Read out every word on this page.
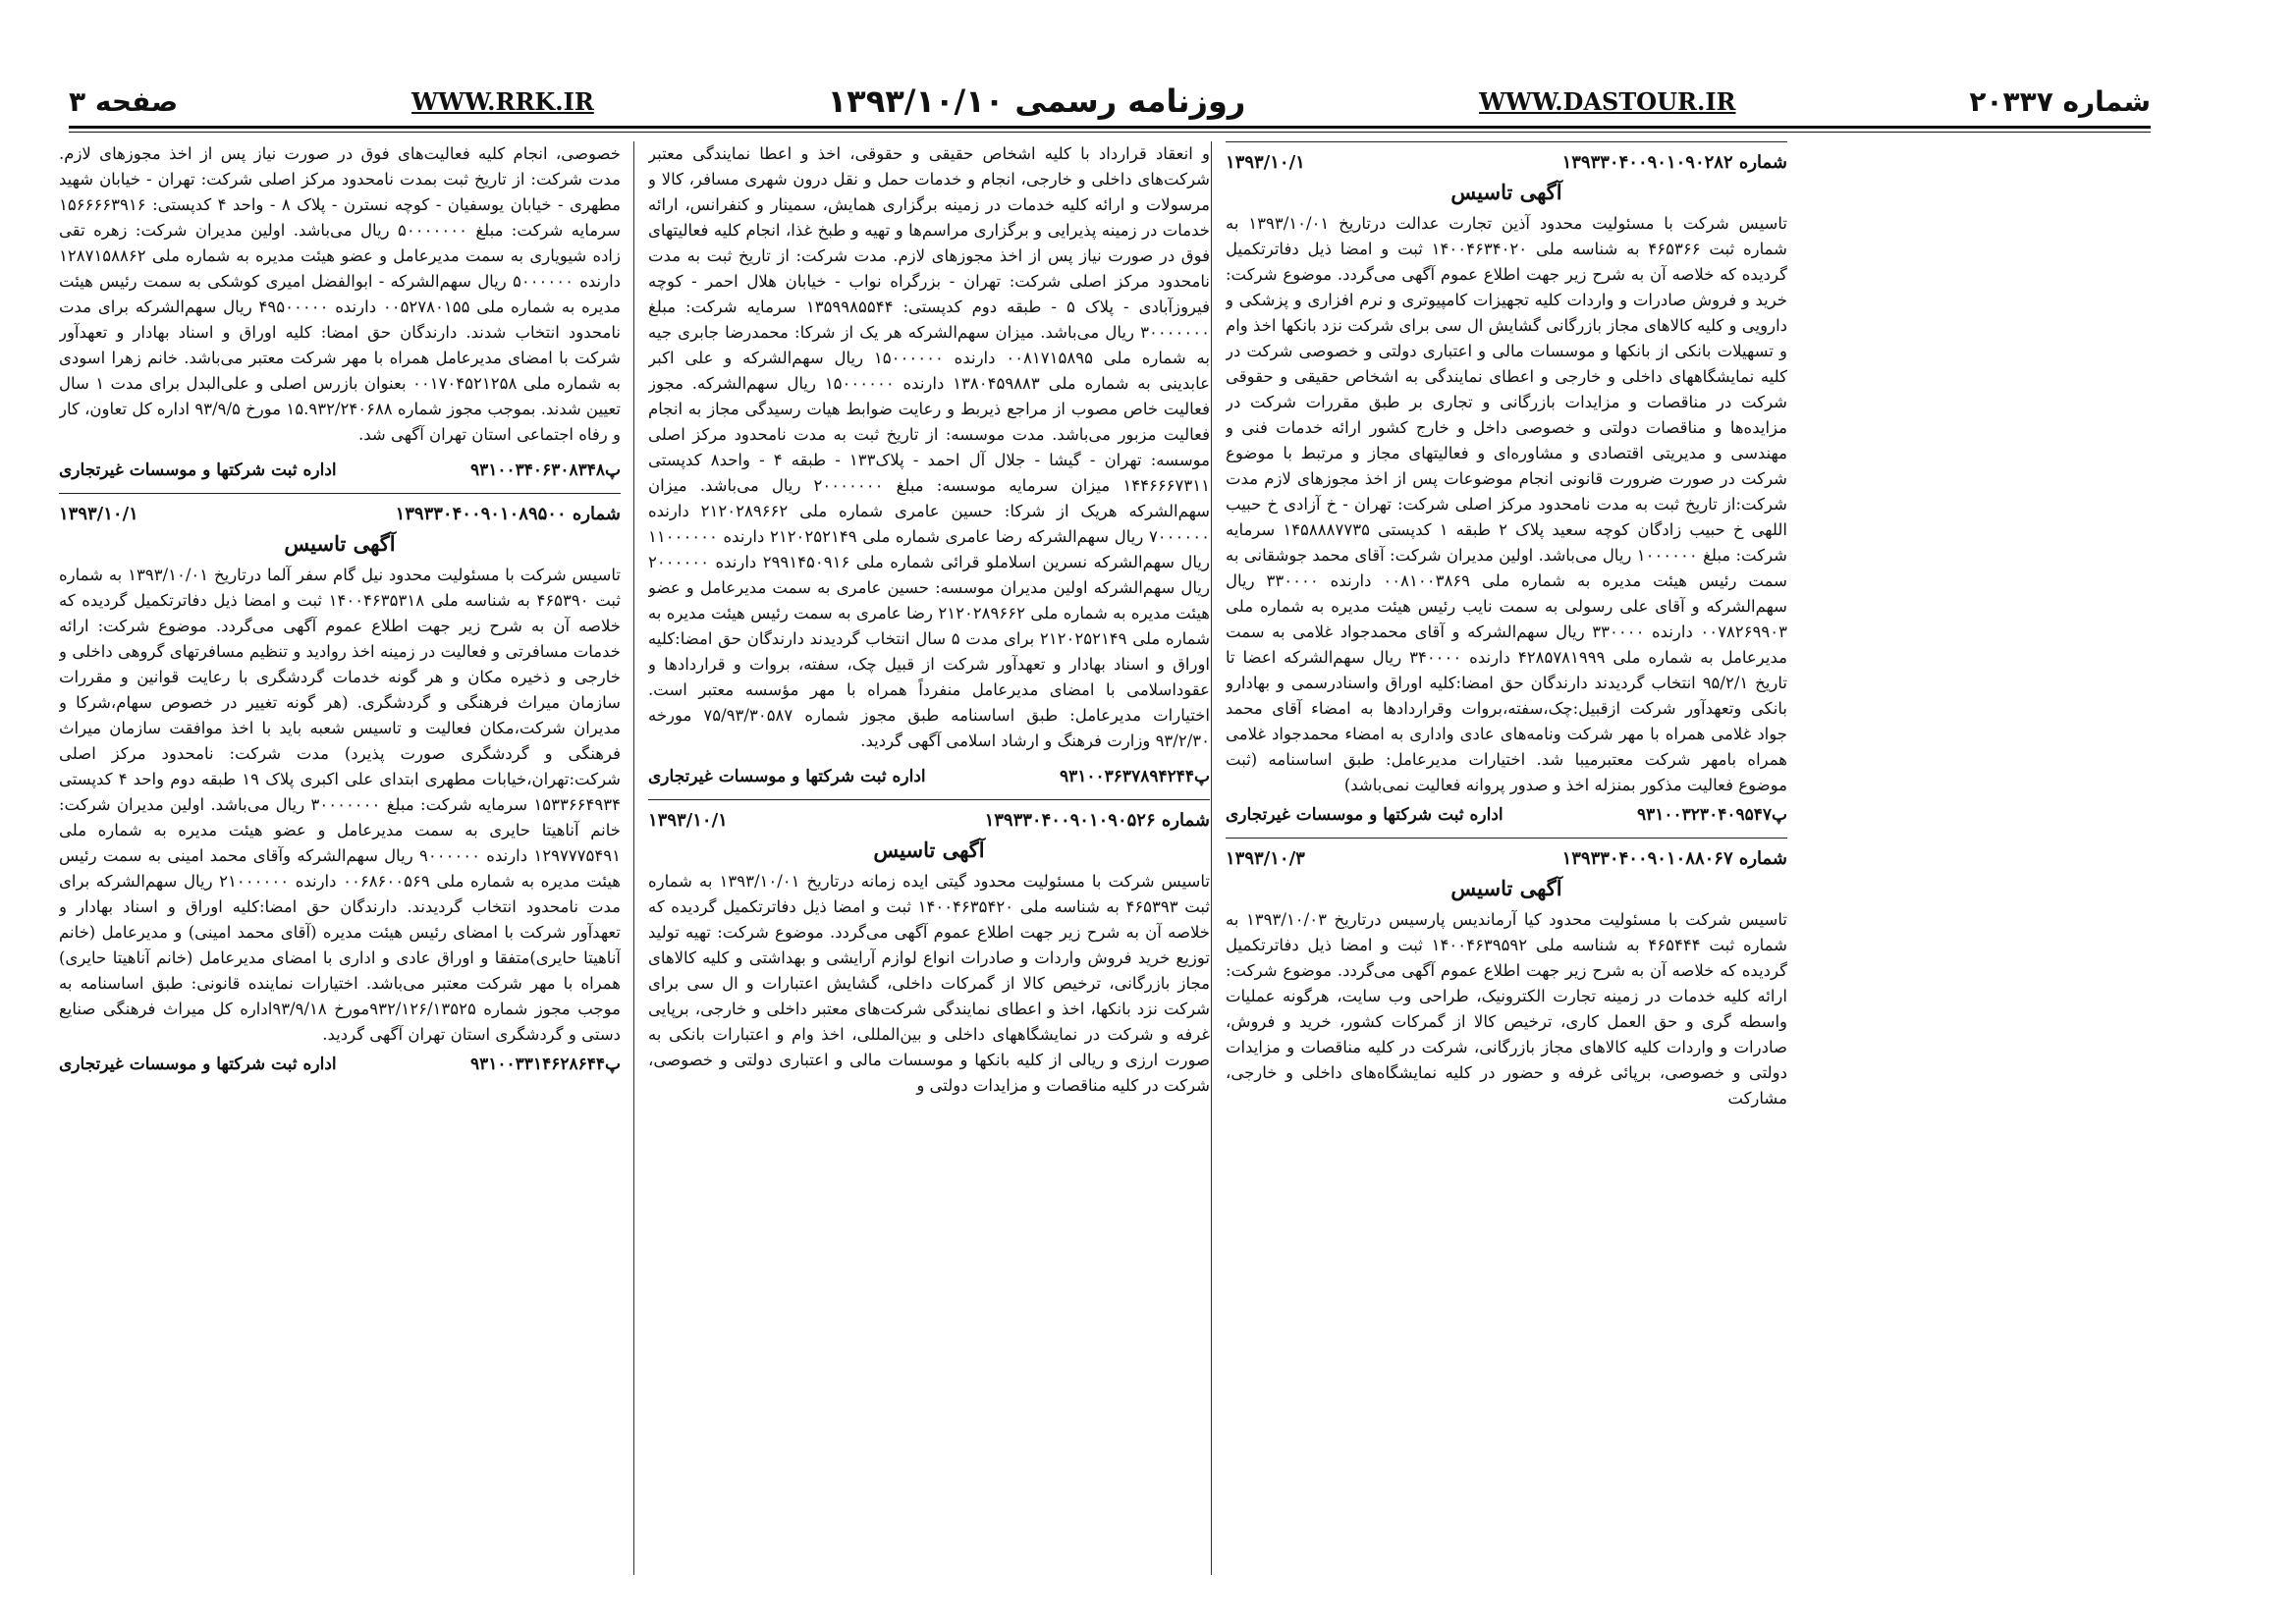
صفحه ۳	WWW.RRK.IR	روزنامه رسمی ۱۳۹۳/۱۰/۱۰	WWW.DASTOUR.IR	شماره ۲۰۳۳۷
شماره ۱۳۹۳۳۰۴۰۰۹۰۱۰۹۰۲۸۲
۱۳۹۳/۱۰/۱
آگهی تاسیس

تاسیس شرکت با مسئولیت محدود آذین تجارت عدالت درتاریخ ۱۳۹۳/۱۰/۰۱ به شماره ثبت ۴۶۵۳۶۶ به شناسه ملی ۱۴۰۰۴۶۳۴۰۲۰ ثبت و امضا ذیل دفاترتکمیل گردیده که خلاصه آن به شرح زیر جهت اطلاع عموم آگهی می‌گردد. موضوع شرکت: خرید و فروش صادرات و واردات کلیه تجهیزات کامپیوتری و نرم افزاری و پزشکی و دارویی و کلیه کالاهای مجاز بازرگانی گشایش ال سی برای شرکت نزد بانکها اخذ وام و تسهیلات بانکی از بانکها و موسسات مالی و اعتباری دولتی و خصوصی شرکت در کلیه نمایشگاههای داخلی و خارجی و اعطای نمایندگی به اشخاص حقیقی و حقوقی شرکت در مناقصات و مزایدات بازرگانی و تجاری بر طبق مقررات شرکت در مزایده‌ها و مناقصات دولتی و خصوصی داخل و خارج کشور ارائه خدمات فنی و مهندسی و مدیریتی اقتصادی و مشاوره‌ای و فعالیتهای مجاز و مرتبط با موضوع شرکت در صورت ضرورت قانونی انجام موضوعات پس از اخذ مجوزهای لازم مدت شرکت:از تاریخ ثبت به مدت نامحدود مرکز اصلی شرکت: تهران - خ آزادی خ حبیب اللهی خ حبیب زادگان کوچه سعید پلاک ۲ طبقه ۱ کدپستی ۱۴۵۸۸۸۷۷۳۵ سرمایه شرکت: مبلغ ۱۰۰۰۰۰۰ ریال می‌باشد. اولین مدیران شرکت: آقای محمد جوشقانی به سمت رئیس هیئت مدیره به شماره ملی ۰۰۸۱۰۰۳۸۶۹ دارنده ۳۳۰۰۰۰ ریال سهم‌الشرکه و آقای علی رسولی به سمت نایب رئیس هیئت مدیره به شماره ملی ۰۰۷۸۲۶۹۹۰۳ دارنده ۳۳۰۰۰۰ ریال سهم‌الشرکه و آقای محمدجواد غلامی به سمت مدیرعامل به شماره ملی ۴۲۸۵۷۸۱۹۹۹ دارنده ۳۴۰۰۰۰ ریال سهم‌الشرکه اعضا تا تاریخ ۹۵/۲/۱ انتخاب گردیدند دارندگان حق امضا:کلیه اوراق واسنادرسمی و بهادارو بانکی وتعهدآور شرکت ازقبیل:چک،سفته،بروات وقراردادها به امضاء آقای محمد جواد غلامی همراه با مهر شرکت ونامه‌های عادی واداری به امضاء محمدجواد غلامی همراه بامهر شرکت معتبرمیبا شد. اختیارات مدیرعامل: طبق اساسنامه (ثبت موضوع فعالیت مذکور بمنزله اخذ و صدور پروانه فعالیت نمی‌باشد)

پ۹۳۱۰۰۳۲۳۰۴۰۹۵۴۷
اداره ثبت شرکتها و موسسات غیرتجاری
شماره ۱۳۹۳۳۰۴۰۰۹۰۱۰۸۸۰۶۷
۱۳۹۳/۱۰/۳
آگهی تاسیس

تاسیس شرکت با مسئولیت محدود کیا آرماندیس پارسیس درتاریخ ۱۳۹۳/۱۰/۰۳ به شماره ثبت ۴۶۵۴۴۴ به شناسه ملی ۱۴۰۰۴۶۳۹۵۹۲ ثبت و امضا ذیل دفاترتکمیل گردیده که خلاصه آن به شرح زیر جهت اطلاع عموم آگهی می‌گردد. موضوع شرکت: ارائه کلیه خدمات در زمینه تجارت الکترونیک، طراحی وب سایت، هرگونه عملیات واسطه گری و حق العمل کاری، ترخیص کالا از گمرکات کشور، خرید و فروش، صادرات و واردات کلیه کالاهای مجاز بازرگانی، شرکت در کلیه مناقصات و مزایدات دولتی و خصوصی، برپائی غرفه و حضور در کلیه نمایشگاه‌های داخلی و خارجی، مشارکت

و انعقاد قرارداد با کلیه اشخاص حقیقی و حقوقی، اخذ و اعطا نمایندگی معتبر شرکت‌های داخلی و خارجی، انجام و خدمات حمل و نقل درون شهری مسافر، کالا و مرسولات و ارائه کلیه خدمات در زمینه برگزاری همایش، سمینار و کنفرانس، ارائه خدمات در زمینه پذیرایی و برگزاری مراسم‌ها و تهیه و طبخ غذا، انجام کلیه فعالیتهای فوق در صورت نیاز پس از اخذ مجوزهای لازم. مدت شرکت: از تاریخ ثبت به مدت نامحدود مرکز اصلی شرکت: تهران - بزرگراه نواب - خیابان هلال احمر - کوچه فیروزآبادی - پلاک ۵ - طبقه دوم کدپستی: ۱۳۵۹۹۸۵۵۴۴ سرمایه شرکت: مبلغ ۳۰۰۰۰۰۰۰ ریال می‌باشد. میزان سهم‌الشرکه هر یک از شرکا: محمدرضا جابری جیه به شماره ملی ۰۰۸۱۷۱۵۸۹۵ دارنده ۱۵۰۰۰۰۰۰ ریال سهم‌الشرکه و علی اکبر عابدینی به شماره ملی ۱۳۸۰۴۵۹۸۸۳ دارنده ۱۵۰۰۰۰۰۰ ریال سهم‌الشرکه. مجوز فعالیت خاص مصوب از مراجع ذیربط و رعایت ضوابط هیات رسیدگی مجاز به انجام فعالیت مزبور می‌باشد. مدت موسسه: از تاریخ ثبت به مدت نامحدود مرکز اصلی موسسه: تهران - گیشا - جلال آل احمد - پلاک۱۳۳ - طبقه ۴ - واحد۸ کدپستی ۱۴۴۶۶۶۷۳۱۱ میزان سرمایه موسسه: مبلغ ۲۰۰۰۰۰۰۰ ریال می‌باشد. میزان سهم‌الشرکه هریک از شرکا: حسین عامری شماره ملی ۲۱۲۰۲۸۹۶۶۲ دارنده ۷۰۰۰۰۰۰ ریال سهم‌الشرکه رضا عامری شماره ملی ۲۱۲۰۲۵۲۱۴۹ دارنده ۱۱۰۰۰۰۰۰ ریال سهم‌الشرکه نسرین اسلاملو قرائی شماره ملی ۲۹۹۱۴۵۰۹۱۶ دارنده ۲۰۰۰۰۰۰ ریال سهم‌الشرکه اولین مدیران موسسه: حسین عامری به سمت مدیرعامل و عضو هیئت مدیره به شماره ملی ۲۱۲۰۲۸۹۶۶۲ رضا عامری به سمت رئیس هیئت مدیره به شماره ملی ۲۱۲۰۲۵۲۱۴۹ برای مدت ۵ سال انتخاب گردیدند دارندگان حق امضا:کلیه اوراق و اسناد بهادار و تعهدآور شرکت از قبیل چک، سفته، بروات و قراردادها و عقوداسلامی با امضای مدیرعامل منفرداً همراه با مهر مؤسسه معتبر است. اختیارات مدیرعامل: طبق اساسنامه طبق مجوز شماره ۷۵/۹۳/۳۰۵۸۷ مورخه ۹۳/۲/۳۰ وزارت فرهنگ و ارشاد اسلامی آگهی گردید.

پ۹۳۱۰۰۳۶۳۷۸۹۴۲۴۴
اداره ثبت شرکتها و موسسات غیرتجاری
شماره ۱۳۹۳۳۰۴۰۰۹۰۱۰۹۰۵۲۶
۱۳۹۳/۱۰/۱
آگهی تاسیس

تاسیس شرکت با مسئولیت محدود گیتی ایده زمانه درتاریخ ۱۳۹۳/۱۰/۰۱ به شماره ثبت ۴۶۵۳۹۳ به شناسه ملی ۱۴۰۰۴۶۳۵۴۲۰ ثبت و امضا ذیل دفاترتکمیل گردیده که خلاصه آن به شرح زیر جهت اطلاع عموم آگهی می‌گردد. موضوع شرکت: تهیه تولید توزیع خرید فروش واردات و صادرات انواع لوازم آرایشی و بهداشتی و کلیه کالاهای مجاز بازرگانی، ترخیص کالا از گمرکات داخلی، گشایش اعتبارات و ال سی برای شرکت نزد بانکها، اخذ و اعطای نمایندگی شرکت‌های معتبر داخلی و خارجی، برپایی غرفه و شرکت در نمایشگاههای داخلی و بین‌المللی، اخذ وام و اعتبارات بانکی به صورت ارزی و ریالی از کلیه بانکها و موسسات مالی و اعتباری دولتی و خصوصی، شرکت در کلیه مناقصات و مزایدات دولتی و

خصوصی، انجام کلیه فعالیت‌های فوق در صورت نیاز پس از اخذ مجوزهای لازم. مدت شرکت: از تاریخ ثبت بمدت نامحدود مرکز اصلی شرکت: تهران - خیابان شهید مطهری - خیابان یوسفیان - کوچه نسترن - پلاک ۸ - واحد ۴ کدپستی: ۱۵۶۶۶۶۳۹۱۶ سرمایه شرکت: مبلغ ۵۰۰۰۰۰۰۰ ریال می‌باشد. اولین مدیران شرکت: زهره تقی زاده شیویاری به سمت مدیرعامل و عضو هیئت مدیره به شماره ملی ۱۲۸۷۱۵۸۸۶۲ دارنده ۵۰۰۰۰۰۰ ریال سهم‌الشرکه - ابوالفضل امیری کوشکی به سمت رئیس هیئت مدیره به شماره ملی ۰۰۵۲۷۸۰۱۵۵ دارنده ۴۹۵۰۰۰۰۰ ریال سهم‌الشرکه برای مدت نامحدود انتخاب شدند. دارندگان حق امضا: کلیه اوراق و اسناد بهادار و تعهدآور شرکت با امضای مدیرعامل همراه با مهر شرکت معتبر می‌باشد. خانم زهرا اسودی به شماره ملی ۰۰۱۷۰۴۵۲۱۲۵۸ بعنوان بازرس اصلی و علی‌البدل برای مدت ۱ سال تعیین شدند. بموجب مجوز شماره ۱۵.۹۳۲/۲۴۰۶۸۸ مورخ ۹۳/۹/۵ اداره کل تعاون، کار و رفاه اجتماعی استان تهران آگهی شد.

پ۹۳۱۰۰۳۴۰۶۳۰۸۳۴۸
اداره ثبت شرکتها و موسسات غیرتجاری
شماره ۱۳۹۳۳۰۴۰۰۹۰۱۰۸۹۵۰۰
۱۳۹۳/۱۰/۱
آگهی تاسیس

تاسیس شرکت با مسئولیت محدود نیل گام سفر آلما درتاریخ ۱۳۹۳/۱۰/۰۱ به شماره ثبت ۴۶۵۳۹۰ به شناسه ملی ۱۴۰۰۴۶۳۵۳۱۸ ثبت و امضا ذیل دفاترتکمیل گردیده که خلاصه آن به شرح زیر جهت اطلاع عموم آگهی می‌گردد. موضوع شرکت: ارائه خدمات مسافرتی و فعالیت در زمینه اخذ روادید و تنظیم مسافرتهای گروهی داخلی و خارجی و ذخیره مکان و هر گونه خدمات گردشگری با رعایت قوانین و مقررات سازمان میراث فرهنگی و گردشگری. (هر گونه تغییر در خصوص سهام،شرکا و مدیران شرکت،مکان فعالیت و تاسیس شعبه باید با اخذ موافقت سازمان میراث فرهنگی و گردشگری صورت پذیرد) مدت شرکت: نامحدود مرکز اصلی شرکت:تهران،خیابات مطهری ابتدای علی اکبری پلاک ۱۹ طبقه دوم واحد ۴ کدپستی ۱۵۳۳۶۶۴۹۳۴ سرمایه شرکت: مبلغ ۳۰۰۰۰۰۰۰ ریال می‌باشد. اولین مدیران شرکت: خانم آناهیتا حایری به سمت مدیرعامل و عضو هیئت مدیره به شماره ملی ۱۲۹۷۷۷۵۴۹۱ دارنده ۹۰۰۰۰۰۰ ریال سهم‌الشرکه وآقای محمد امینی به سمت رئیس هیئت مدیره به شماره ملی ۰۰۶۸۶۰۰۵۶۹ دارنده ۲۱۰۰۰۰۰۰ ریال سهم‌الشرکه برای مدت نامحدود انتخاب گردیدند. دارندگان حق امضا:کلیه اوراق و اسناد بهادار و تعهدآور شرکت با امضای رئیس هیئت مدیره (آقای محمد امینی) و مدیرعامل (خانم آناهیتا حایری)متفقا و اوراق عادی و اداری با امضای مدیرعامل (خانم آناهیتا حایری) همراه با مهر شرکت معتبر می‌باشد. اختیارات نماینده قانونی: طبق اساسنامه به موجب مجوز شماره ۹۳۲/۱۲۶/۱۳۵۲۵مورخ ۹۳/۹/۱۸اداره کل میراث فرهنگی صنایع دستی و گردشگری استان تهران آگهی گردید.

پ۹۳۱۰۰۳۳۱۴۶۲۸۶۴۴
اداره ثبت شرکتها و موسسات غیرتجاری
